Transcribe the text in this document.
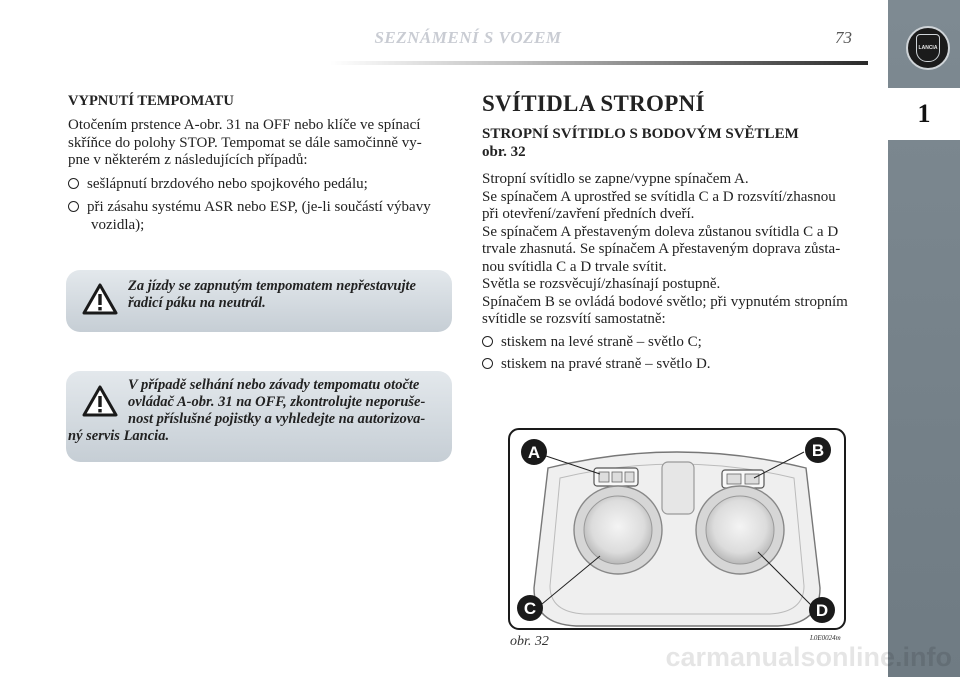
SEZNÁMENÍ S VOZEM	73
LANCIA
1
VYPNUTÍ TEMPOMATU
Otočením prstence A-obr. 31 na OFF nebo klíče ve spínací
skříňce do polohy STOP. Tempomat se dále samočinně vy-
pne v některém z následujících případů:
sešlápnutí brzdového nebo spojkového pedálu;
při zásahu systému ASR nebo ESP, (je-li součástí výbavy
vozidla);
Za jízdy se zapnutým tempomatem nepřestavujte
řadicí páku na neutrál.
V případě selhání nebo závady tempomatu otočte
ovládač A-obr. 31 na OFF, zkontrolujte neporuše-
nost příslušné pojistky a vyhledejte na autorizova-
ný servis Lancia.
SVÍTIDLA STROPNÍ
STROPNÍ SVÍTIDLO S BODOVÝM SVĚTLEM
obr. 32
Stropní svítidlo se zapne/vypne spínačem A.
Se spínačem A uprostřed se svítidla C a D rozsvítí/zhasnou
při otevření/zavření předních dveří.
Se spínačem A přestaveným doleva zůstanou svítidla C a D
trvale zhasnutá. Se spínačem A přestaveným doprava zůsta-
nou svítidla C a D trvale svítit.
Světla se rozsvěcují/zhasínají postupně.
Spínačem B se ovládá bodové světlo; při vypnutém stropním
svítidle se rozsvítí samostatně:
stiskem na levé straně – světlo C;
stiskem na pravé straně – světlo D.
A	B
C	D
obr. 32	L0E0024m
carmanualsonline.info
